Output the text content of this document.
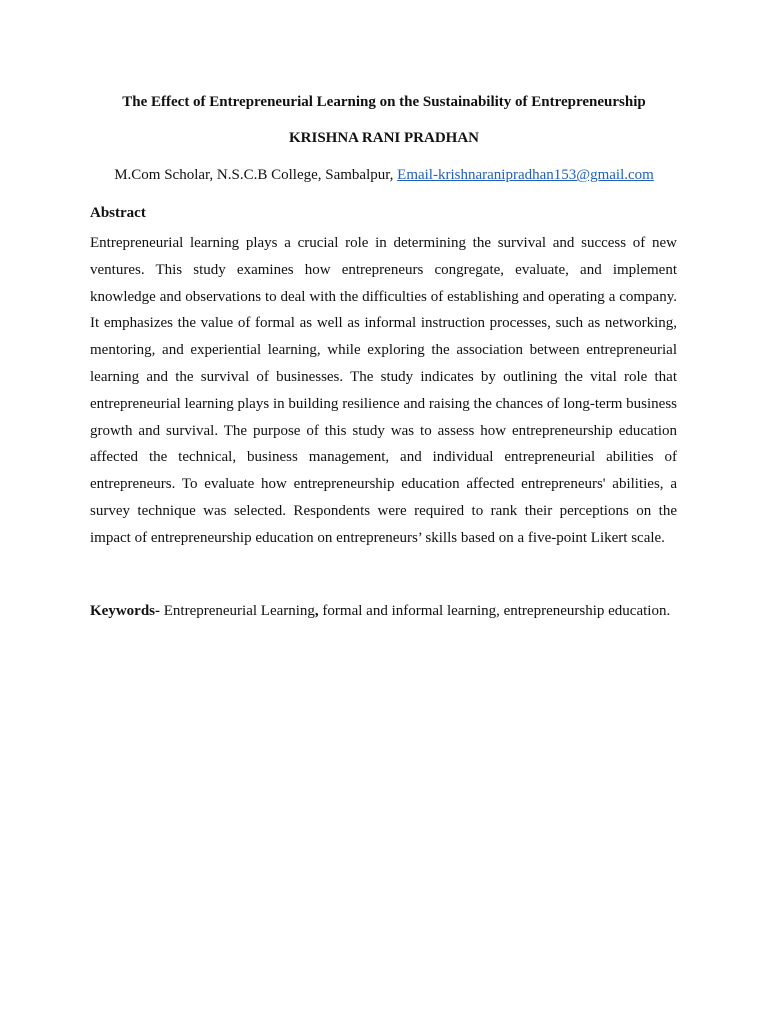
The Effect of Entrepreneurial Learning on the Sustainability of Entrepreneurship
KRISHNA RANI PRADHAN
M.Com Scholar, N.S.C.B College, Sambalpur, Email-krishnaranipradhan153@gmail.com
Abstract

Entrepreneurial learning plays a crucial role in determining the survival and success of new ventures. This study examines how entrepreneurs congregate, evaluate, and implement knowledge and observations to deal with the difficulties of establishing and operating a company. It emphasizes the value of formal as well as informal instruction processes, such as networking, mentoring, and experiential learning, while exploring the association between entrepreneurial learning and the survival of businesses. The study indicates by outlining the vital role that entrepreneurial learning plays in building resilience and raising the chances of long-term business growth and survival. The purpose of this study was to assess how entrepreneurship education affected the technical, business management, and individual entrepreneurial abilities of entrepreneurs. To evaluate how entrepreneurship education affected entrepreneurs' abilities, a survey technique was selected. Respondents were required to rank their perceptions on the impact of entrepreneurship education on entrepreneurs’ skills based on a five-point Likert scale.

Keywords- Entrepreneurial Learning, formal and informal learning, entrepreneurship education.
